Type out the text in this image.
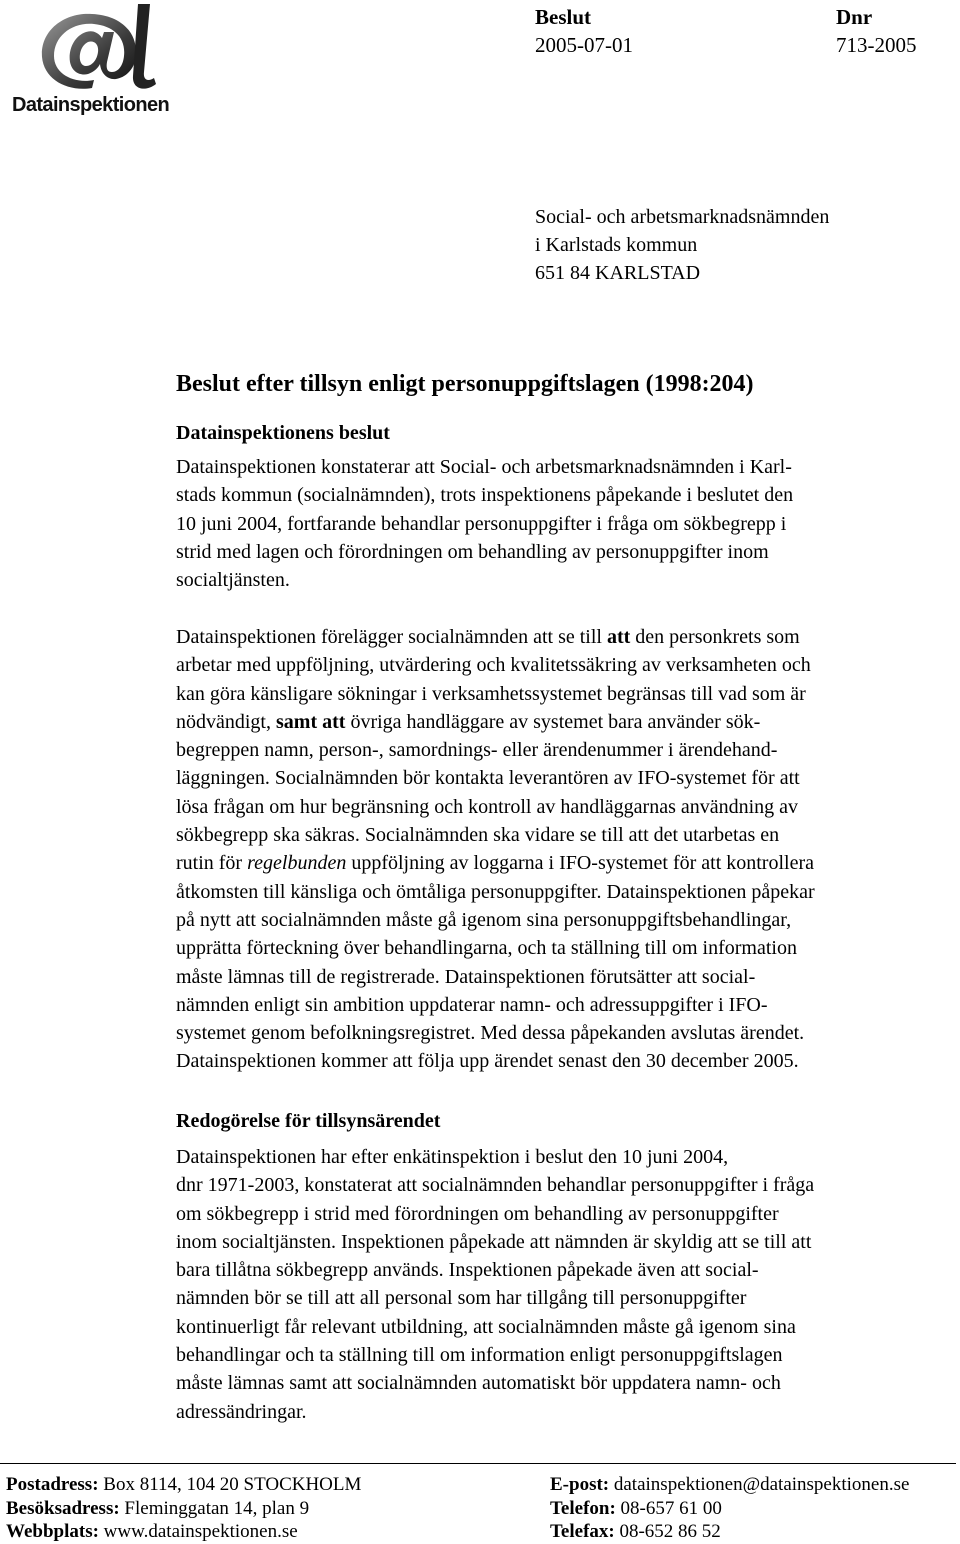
Datainspektionen
Beslut
2005-07-01
Dnr
713-2005
Social- och arbetsmarknadsnämnden
i Karlstads kommun
651 84 KARLSTAD
Beslut efter tillsyn enligt personuppgiftslagen (1998:204)
Datainspektionens beslut
Datainspektionen konstaterar att Social- och arbetsmarknadsnämnden i Karl-
stads kommun (socialnämnden), trots inspektionens påpekande i beslutet den
10 juni 2004, fortfarande behandlar personuppgifter i fråga om sökbegrepp i
strid med lagen och förordningen om behandling av personuppgifter inom
socialtjänsten.
Datainspektionen förelägger socialnämnden att se till att den personkrets som
arbetar med uppföljning, utvärdering och kvalitetssäkring av verksamheten och
kan göra känsligare sökningar i verksamhetssystemet begränsas till vad som är
nödvändigt, samt att övriga handläggare av systemet bara använder sök-
begreppen namn, person-, samordnings- eller ärendenummer i ärendehand-
läggningen. Socialnämnden bör kontakta leverantören av IFO-systemet för att
lösa frågan om hur begränsning och kontroll av handläggarnas användning av
sökbegrepp ska säkras. Socialnämnden ska vidare se till att det utarbetas en
rutin för regelbunden uppföljning av loggarna i IFO-systemet för att kontrollera
åtkomsten till känsliga och ömtåliga personuppgifter. Datainspektionen påpekar
på nytt att socialnämnden måste gå igenom sina personuppgiftsbehandlingar,
upprätta förteckning över behandlingarna, och ta ställning till om information
måste lämnas till de registrerade. Datainspektionen förutsätter att social-
nämnden enligt sin ambition uppdaterar namn- och adressuppgifter i IFO-
systemet genom befolkningsregistret. Med dessa påpekanden avslutas ärendet.
Datainspektionen kommer att följa upp ärendet senast den 30 december 2005.
Redogörelse för tillsynsärendet
Datainspektionen har efter enkätinspektion i beslut den 10 juni 2004,
dnr 1971-2003, konstaterat att socialnämnden behandlar personuppgifter i fråga
om sökbegrepp i strid med förordningen om behandling av personuppgifter
inom socialtjänsten. Inspektionen påpekade att nämnden är skyldig att se till att
bara tillåtna sökbegrepp används. Inspektionen påpekade även att social-
nämnden bör se till att all personal som har tillgång till personuppgifter
kontinuerligt får relevant utbildning, att socialnämnden måste gå igenom sina
behandlingar och ta ställning till om information enligt personuppgiftslagen
måste lämnas samt att socialnämnden automatiskt bör uppdatera namn- och
adressändringar.
Postadress: Box 8114, 104 20 STOCKHOLM
Besöksadress: Fleminggatan 14, plan 9
Webbplats: www.datainspektionen.se
E-post: datainspektionen@datainspektionen.se
Telefon: 08-657 61 00
Telefax: 08-652 86 52
